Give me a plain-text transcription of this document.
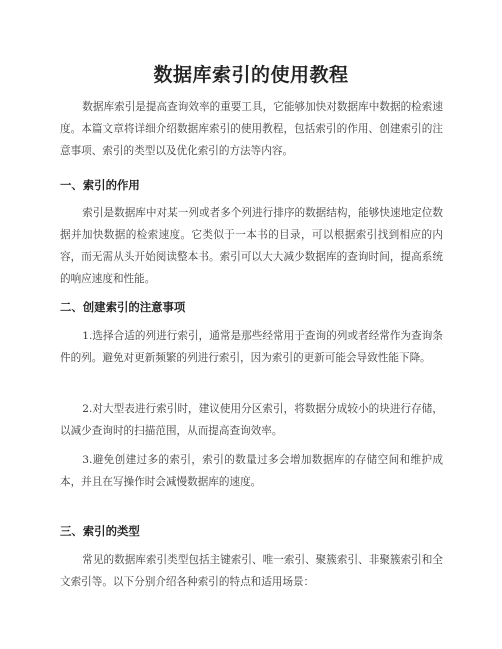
数据库索引的使用教程

数据库索引是提高查询效率的重要工具，它能够加快对数据库中数据的检索速度。本篇文章将详细介绍数据库索引的使用教程，包括索引的作用、创建索引的注意事项、索引的类型以及优化索引的方法等内容。

一、索引的作用

索引是数据库中对某一列或者多个列进行排序的数据结构，能够快速地定位数据并加快数据的检索速度。它类似于一本书的目录，可以根据索引找到相应的内容，而无需从头开始阅读整本书。索引可以大大减少数据库的查询时间，提高系统的响应速度和性能。

二、创建索引的注意事项

1.选择合适的列进行索引，通常是那些经常用于查询的列或者经常作为查询条件的列。避免对更新频繁的列进行索引，因为索引的更新可能会导致性能下降。

2.对大型表进行索引时，建议使用分区索引，将数据分成较小的块进行存储，以减少查询时的扫描范围，从而提高查询效率。

3.避免创建过多的索引，索引的数量过多会增加数据库的存储空间和维护成本，并且在写操作时会减慢数据库的速度。

三、索引的类型

常见的数据库索引类型包括主键索引、唯一索引、聚簇索引、非聚簇索引和全文索引等。以下分别介绍各种索引的特点和适用场景：
